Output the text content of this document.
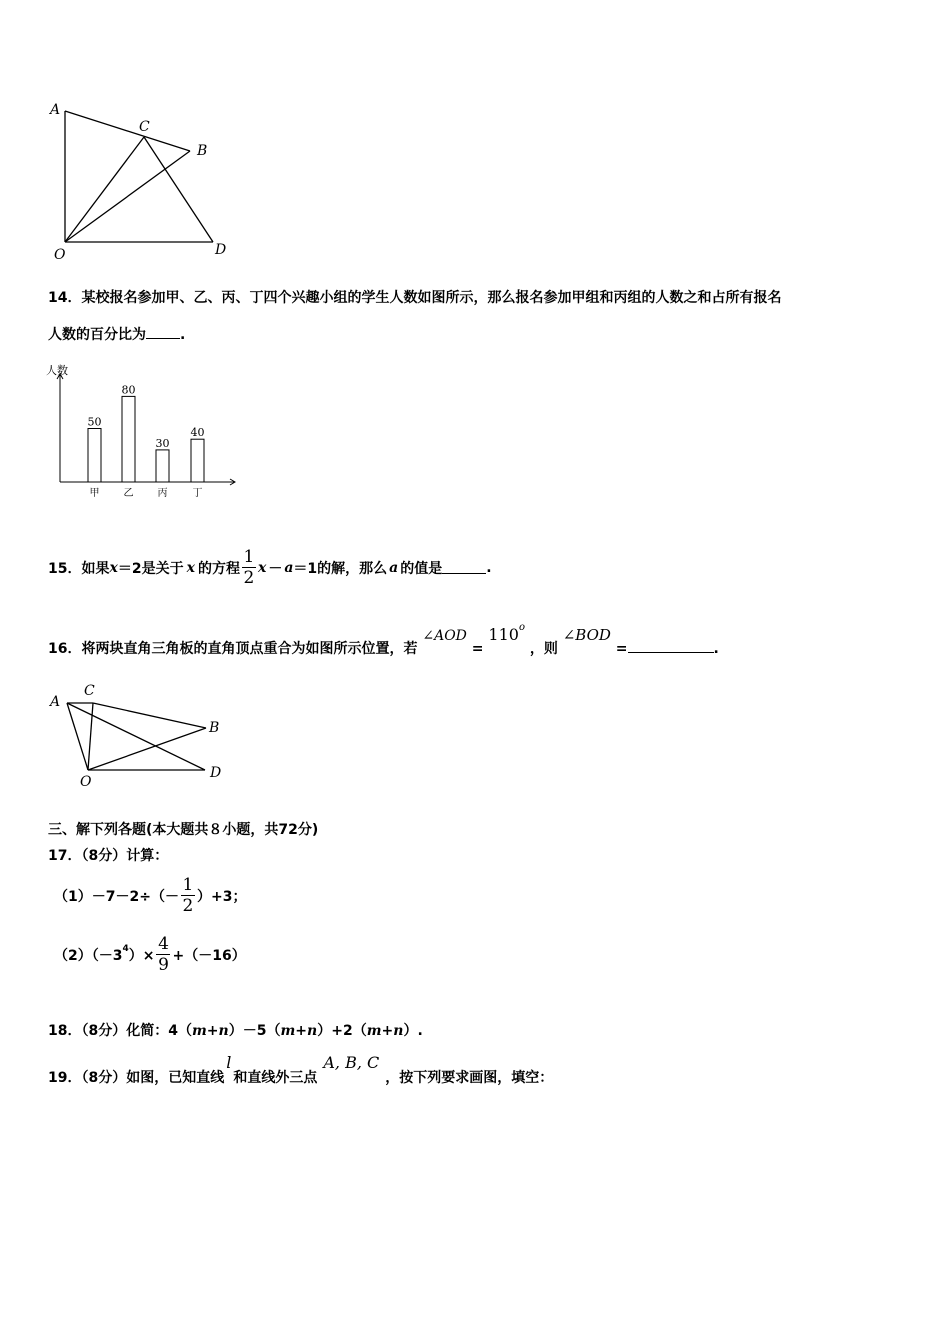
A
C
B
O	D
14．某校报名参加甲、乙、丙、丁四个兴趣小组的学生人数如图所示，那么报名参加甲组和丙组的人数之和占所有报名
人数的百分比为 .
人数
50
甲
80
乙
30
丙
40
丁
15．如果 x ＝2是关于 x 的方程 $\frac{1}{2}$ x － a ＝1的解，那么 a 的值是	.
16．将两块直角三角板的直角顶点重合为如图所示位置，若 ∠AOD = $110^o$ ，则 ∠BOD =	.
A
C
B
O
D
三、解下列各题(本大题共８小题，共72分)
17．（8分）计算：
$(1)-7-2\div(- \frac{1}{2} )+3$；
$(2)(-3^4$ ）× $\frac{4}{9} +(-16)$
18．（8分）化简：4（m+n）－5（m+n）+2（m+n）.
19．（8分）如图，已知直线l和直线外三点A, B, C，按下列要求画图，填空：
